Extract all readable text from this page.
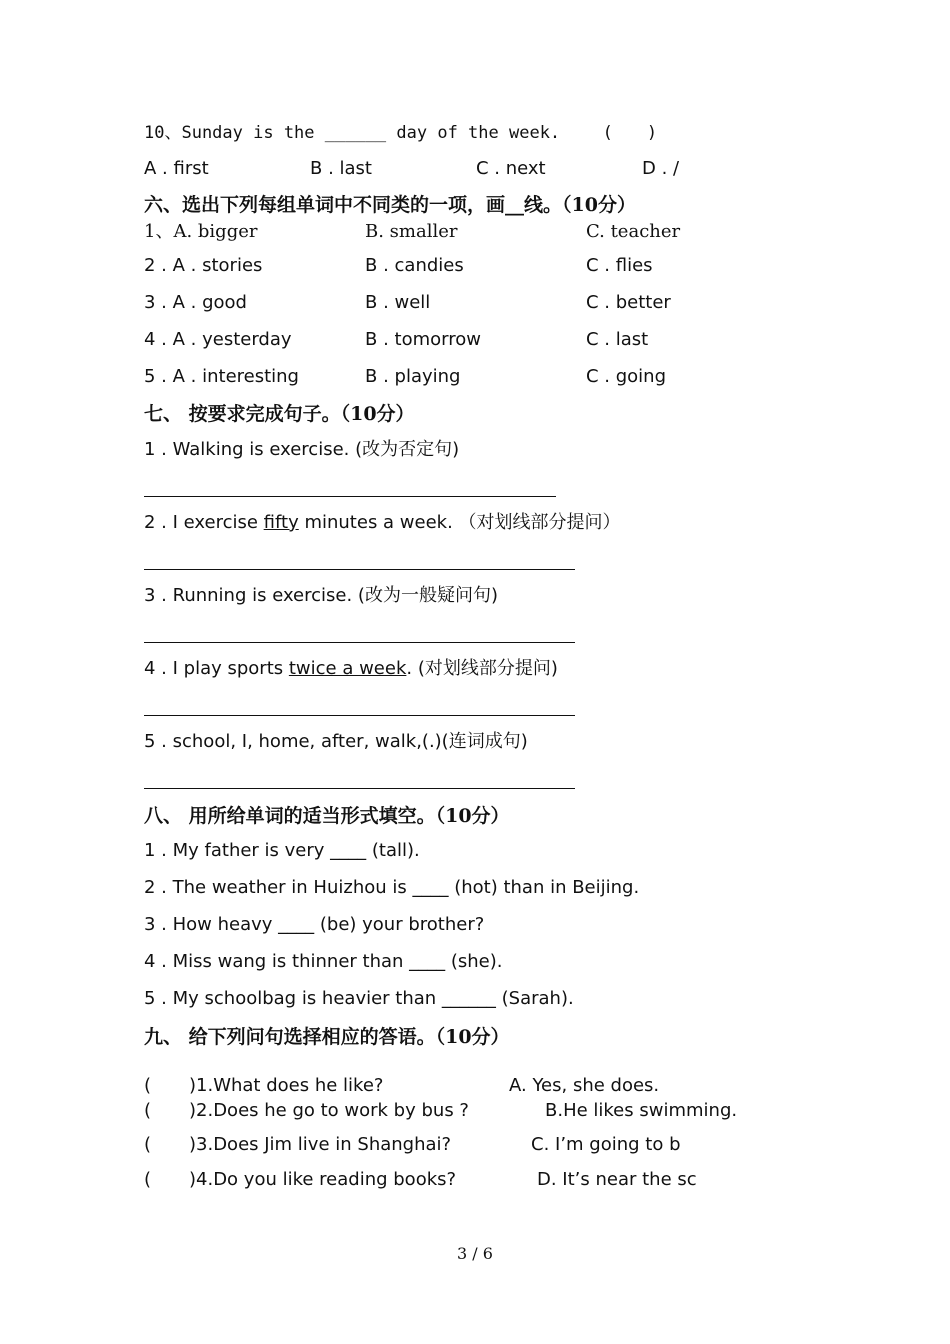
10、Sunday is the ______ day of the week.	(　　)
A . first	B . last	C . next	D . /
六、选出下列每组单词中不同类的一项，画__线。（10分）
1、A. bigger	B. smaller	C. teacher
2 . A . stories	B . candies	C . flies
3 . A . good	B . well	C . better
4 . A . yesterday	B . tomorrow	C . last
5 . A . interesting	B . playing	C . going
七、 按要求完成句子。（10分）
1 . Walking is exercise. (改为否定句)
2 . I exercise fifty minutes a week. （对划线部分提问）
3 . Running is exercise. (改为一般疑问句)
4 . I play sports twice a week. (对划线部分提问)
5 . school, I, home, after, walk,(.)(连词成句)
八、 用所给单词的适当形式填空。（10分）
1 . My father is very ____ (tall).
2 . The weather in Huizhou is ____ (hot) than in Beijing.
3 . How heavy ____ (be) your brother?
4 . Miss wang is thinner than ____ (she).
5 . My schoolbag is heavier than ______ (Sarah).
九、 给下列问句选择相应的答语。（10分）
( )1.What does he like?	A. Yes, she does.
( )2.Does he go to work by bus ?	B.He likes swimming.
( )3.Does Jim live in Shanghai?	C. I’m going to b
( )4.Do you like reading books?	D. It’s near the sc
3 / 6
